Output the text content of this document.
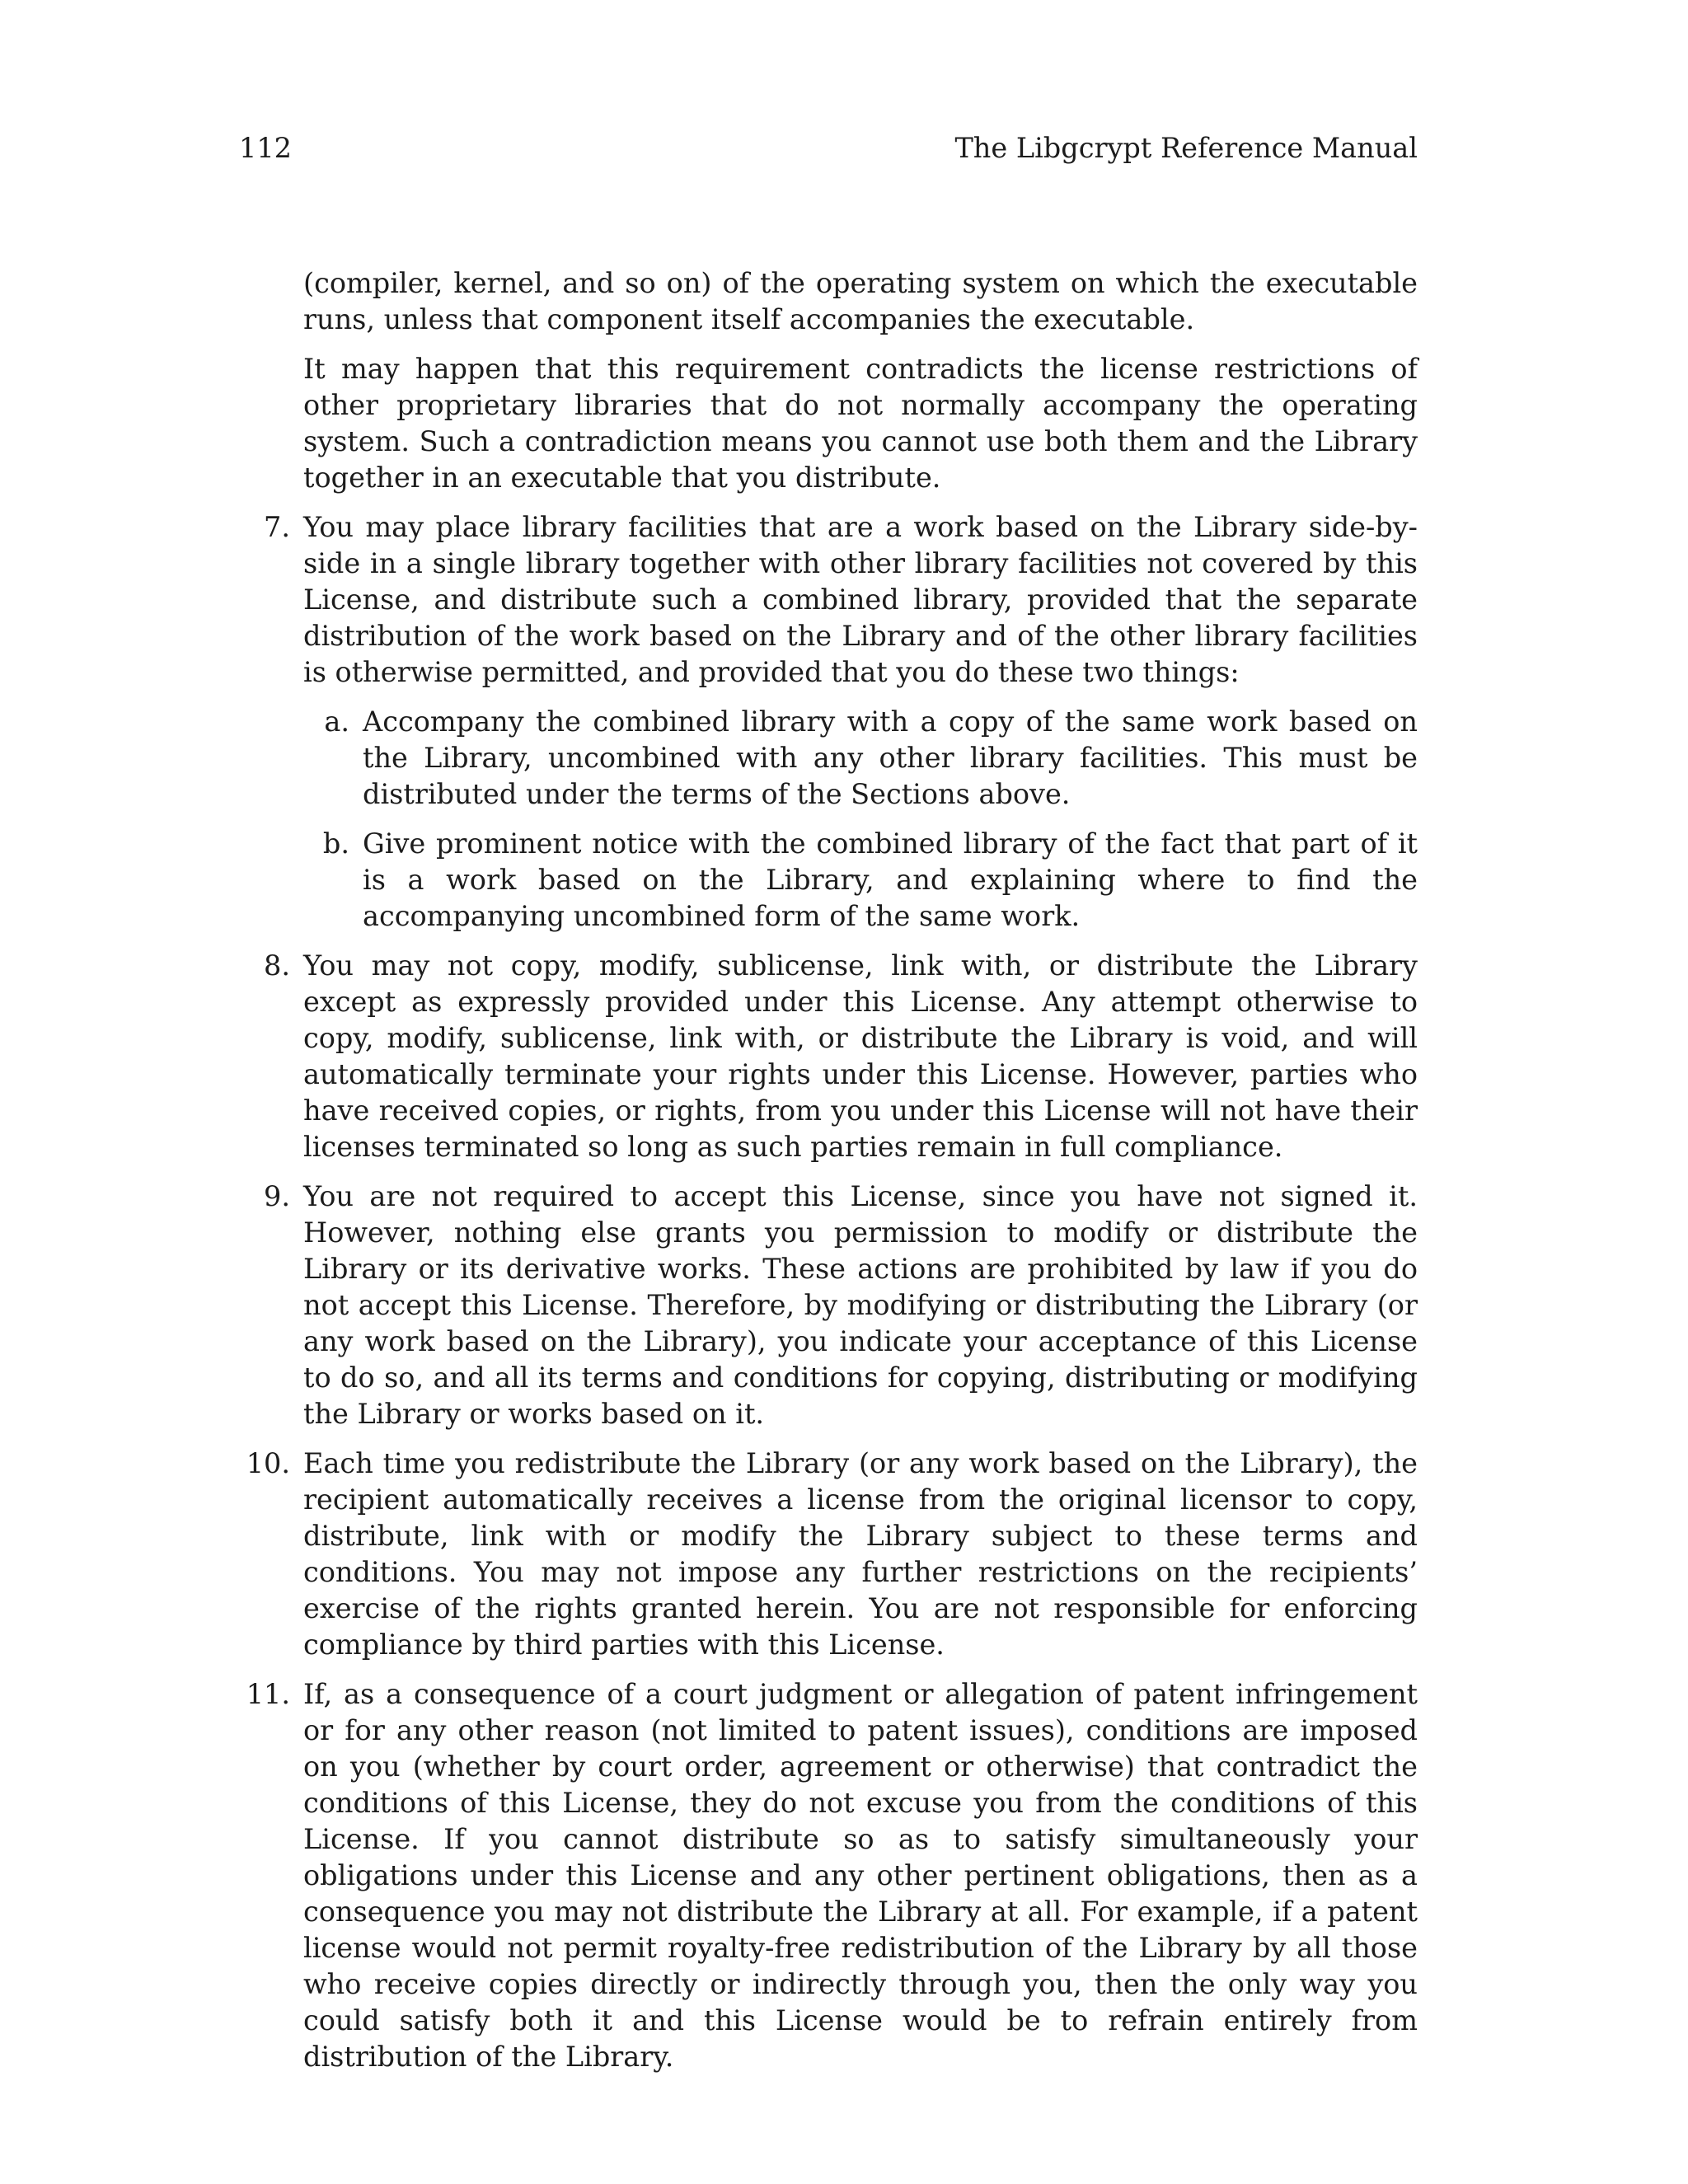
112	The Libgcrypt Reference Manual

(compiler, kernel, and so on) of the operating system on which the executable runs, unless that component itself accompanies the executable.

It may happen that this requirement contradicts the license restrictions of other proprietary libraries that do not normally accompany the operating system. Such a contradiction means you cannot use both them and the Library together in an executable that you distribute.

7. You may place library facilities that are a work based on the Library side-by-side in a single library together with other library facilities not covered by this License, and distribute such a combined library, provided that the separate distribution of the work based on the Library and of the other library facilities is otherwise permitted, and provided that you do these two things:

a. Accompany the combined library with a copy of the same work based on the Library, uncombined with any other library facilities. This must be distributed under the terms of the Sections above.
b. Give prominent notice with the combined library of the fact that part of it is a work based on the Library, and explaining where to find the accompanying uncombined form of the same work.
8. You may not copy, modify, sublicense, link with, or distribute the Library except as expressly provided under this License. Any attempt otherwise to copy, modify, sublicense, link with, or distribute the Library is void, and will automatically terminate your rights under this License. However, parties who have received copies, or rights, from you under this License will not have their licenses terminated so long as such parties remain in full compliance.

9. You are not required to accept this License, since you have not signed it. However, nothing else grants you permission to modify or distribute the Library or its derivative works. These actions are prohibited by law if you do not accept this License. Therefore, by modifying or distributing the Library (or any work based on the Library), you indicate your acceptance of this License to do so, and all its terms and conditions for copying, distributing or modifying the Library or works based on it.

10. Each time you redistribute the Library (or any work based on the Library), the recipient automatically receives a license from the original licensor to copy, distribute, link with or modify the Library subject to these terms and conditions. You may not impose any further restrictions on the recipients’ exercise of the rights granted herein. You are not responsible for enforcing compliance by third parties with this License.

11. If, as a consequence of a court judgment or allegation of patent infringement or for any other reason (not limited to patent issues), conditions are imposed on you (whether by court order, agreement or otherwise) that contradict the conditions of this License, they do not excuse you from the conditions of this License. If you cannot distribute so as to satisfy simultaneously your obligations under this License and any other pertinent obligations, then as a consequence you may not distribute the Library at all. For example, if a patent license would not permit royalty-free redistribution of the Library by all those who receive copies directly or indirectly through you, then the only way you could satisfy both it and this License would be to refrain entirely from distribution of the Library.
